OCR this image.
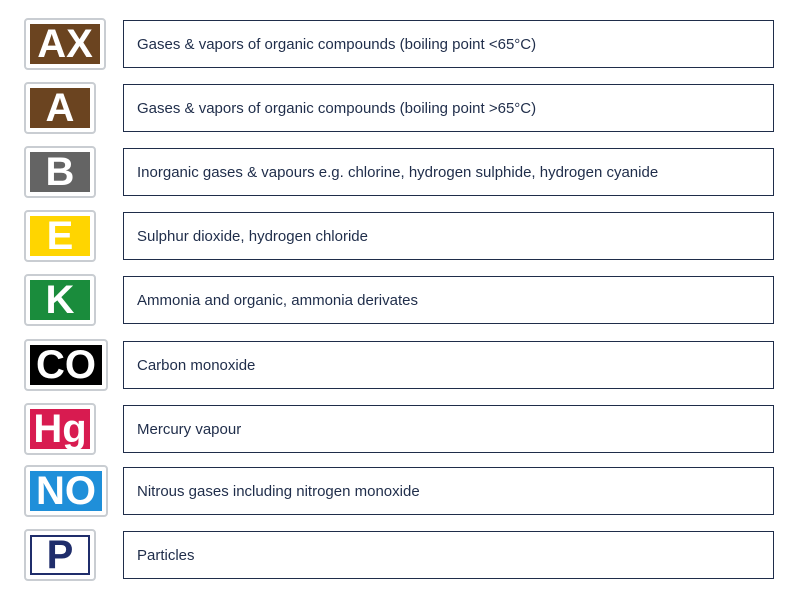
AX	Gases & vapors of organic compounds (boiling point <65°C)
A	Gases & vapors of organic compounds (boiling point >65°C)
B	Inorganic gases & vapours e.g. chlorine, hydrogen sulphide, hydrogen cyanide
E	Sulphur dioxide, hydrogen chloride
K	Ammonia and organic, ammonia derivates
CO	Carbon monoxide
Hg	Mercury vapour
NO	Nitrous gases including nitrogen monoxide
P	Particles
